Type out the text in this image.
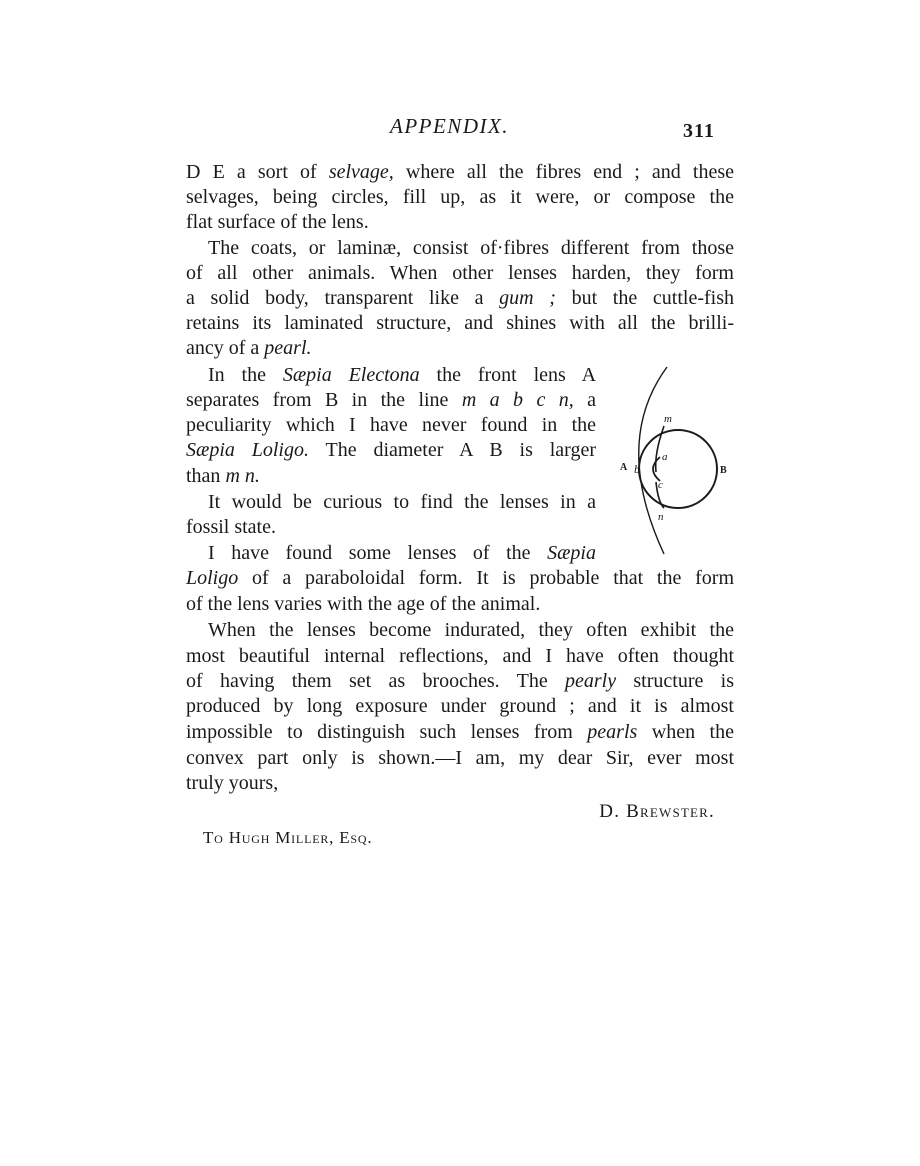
APPENDIX.	311
D E a sort of selvage, where all the fibres end ; and these
selvages, being circles, fill up, as it were, or compose the
flat surface of the lens.
The coats, or laminæ, consist of·fibres different from those
of all other animals. When other lenses harden, they form
a solid body, transparent like a gum ; but the cuttle-fish
retains its laminated structure, and shines with all the brilli-
ancy of a pearl.
In the Sæpia Electona the front lens A
separates from B in the line m a b c n, a
peculiarity which I have never found in the
Sæpia Loligo. The diameter A B is larger
than m n.
It would be curious to find the lenses in a
fossil state.
I have found some lenses of the Sæpia
Loligo of a paraboloidal form. It is probable that the form
of the lens varies with the age of the animal.
When the lenses become indurated, they often exhibit the
most beautiful internal reflections, and I have often thought
of having them set as brooches. The pearly structure is
produced by long exposure under ground ; and it is almost
impossible to distinguish such lenses from pearls when the
convex part only is shown.—I am, my dear Sir, ever most
truly yours,
D. Brewster.
To Hugh Miller, Esq.
m
n
A	B
a
b
c
